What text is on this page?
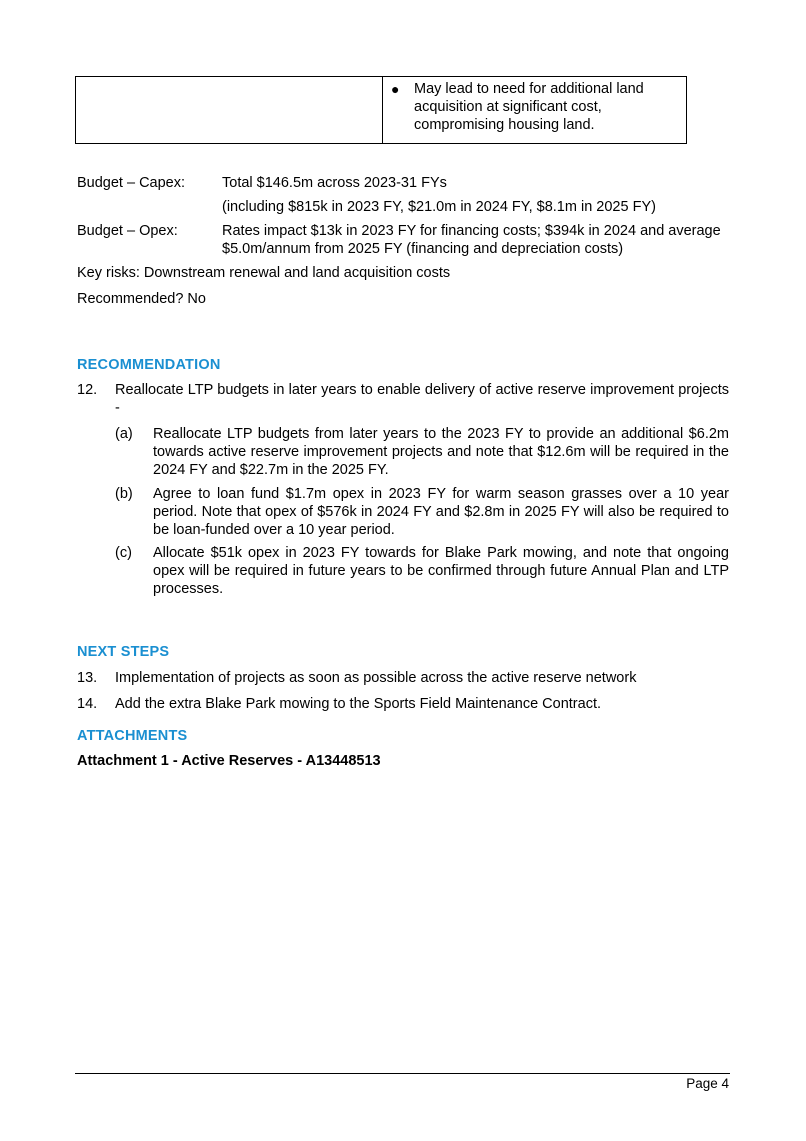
● May lead to need for additional land acquisition at significant cost, compromising housing land.
Budget – Capex:	Total $146.5m across 2023-31 FYs
(including $815k in 2023 FY, $21.0m in 2024 FY, $8.1m in 2025 FY)
Budget – Opex:	Rates impact $13k in 2023 FY for financing costs; $394k in 2024 and average $5.0m/annum from 2025 FY (financing and depreciation costs)
Key risks: Downstream renewal and land acquisition costs
Recommended? No
RECOMMENDATION
12. Reallocate LTP budgets in later years to enable delivery of active reserve improvement projects -
(a) Reallocate LTP budgets from later years to the 2023 FY to provide an additional $6.2m towards active reserve improvement projects and note that $12.6m will be required in the 2024 FY and $22.7m in the 2025 FY.
(b) Agree to loan fund $1.7m opex in 2023 FY for warm season grasses over a 10 year period. Note that opex of $576k in 2024 FY and $2.8m in 2025 FY will also be required to be loan-funded over a 10 year period.
(c) Allocate $51k opex in 2023 FY towards for Blake Park mowing, and note that ongoing opex will be required in future years to be confirmed through future Annual Plan and LTP processes.
NEXT STEPS
13. Implementation of projects as soon as possible across the active reserve network
14. Add the extra Blake Park mowing to the Sports Field Maintenance Contract.
ATTACHMENTS
Attachment 1 - Active Reserves - A13448513
Page 4
